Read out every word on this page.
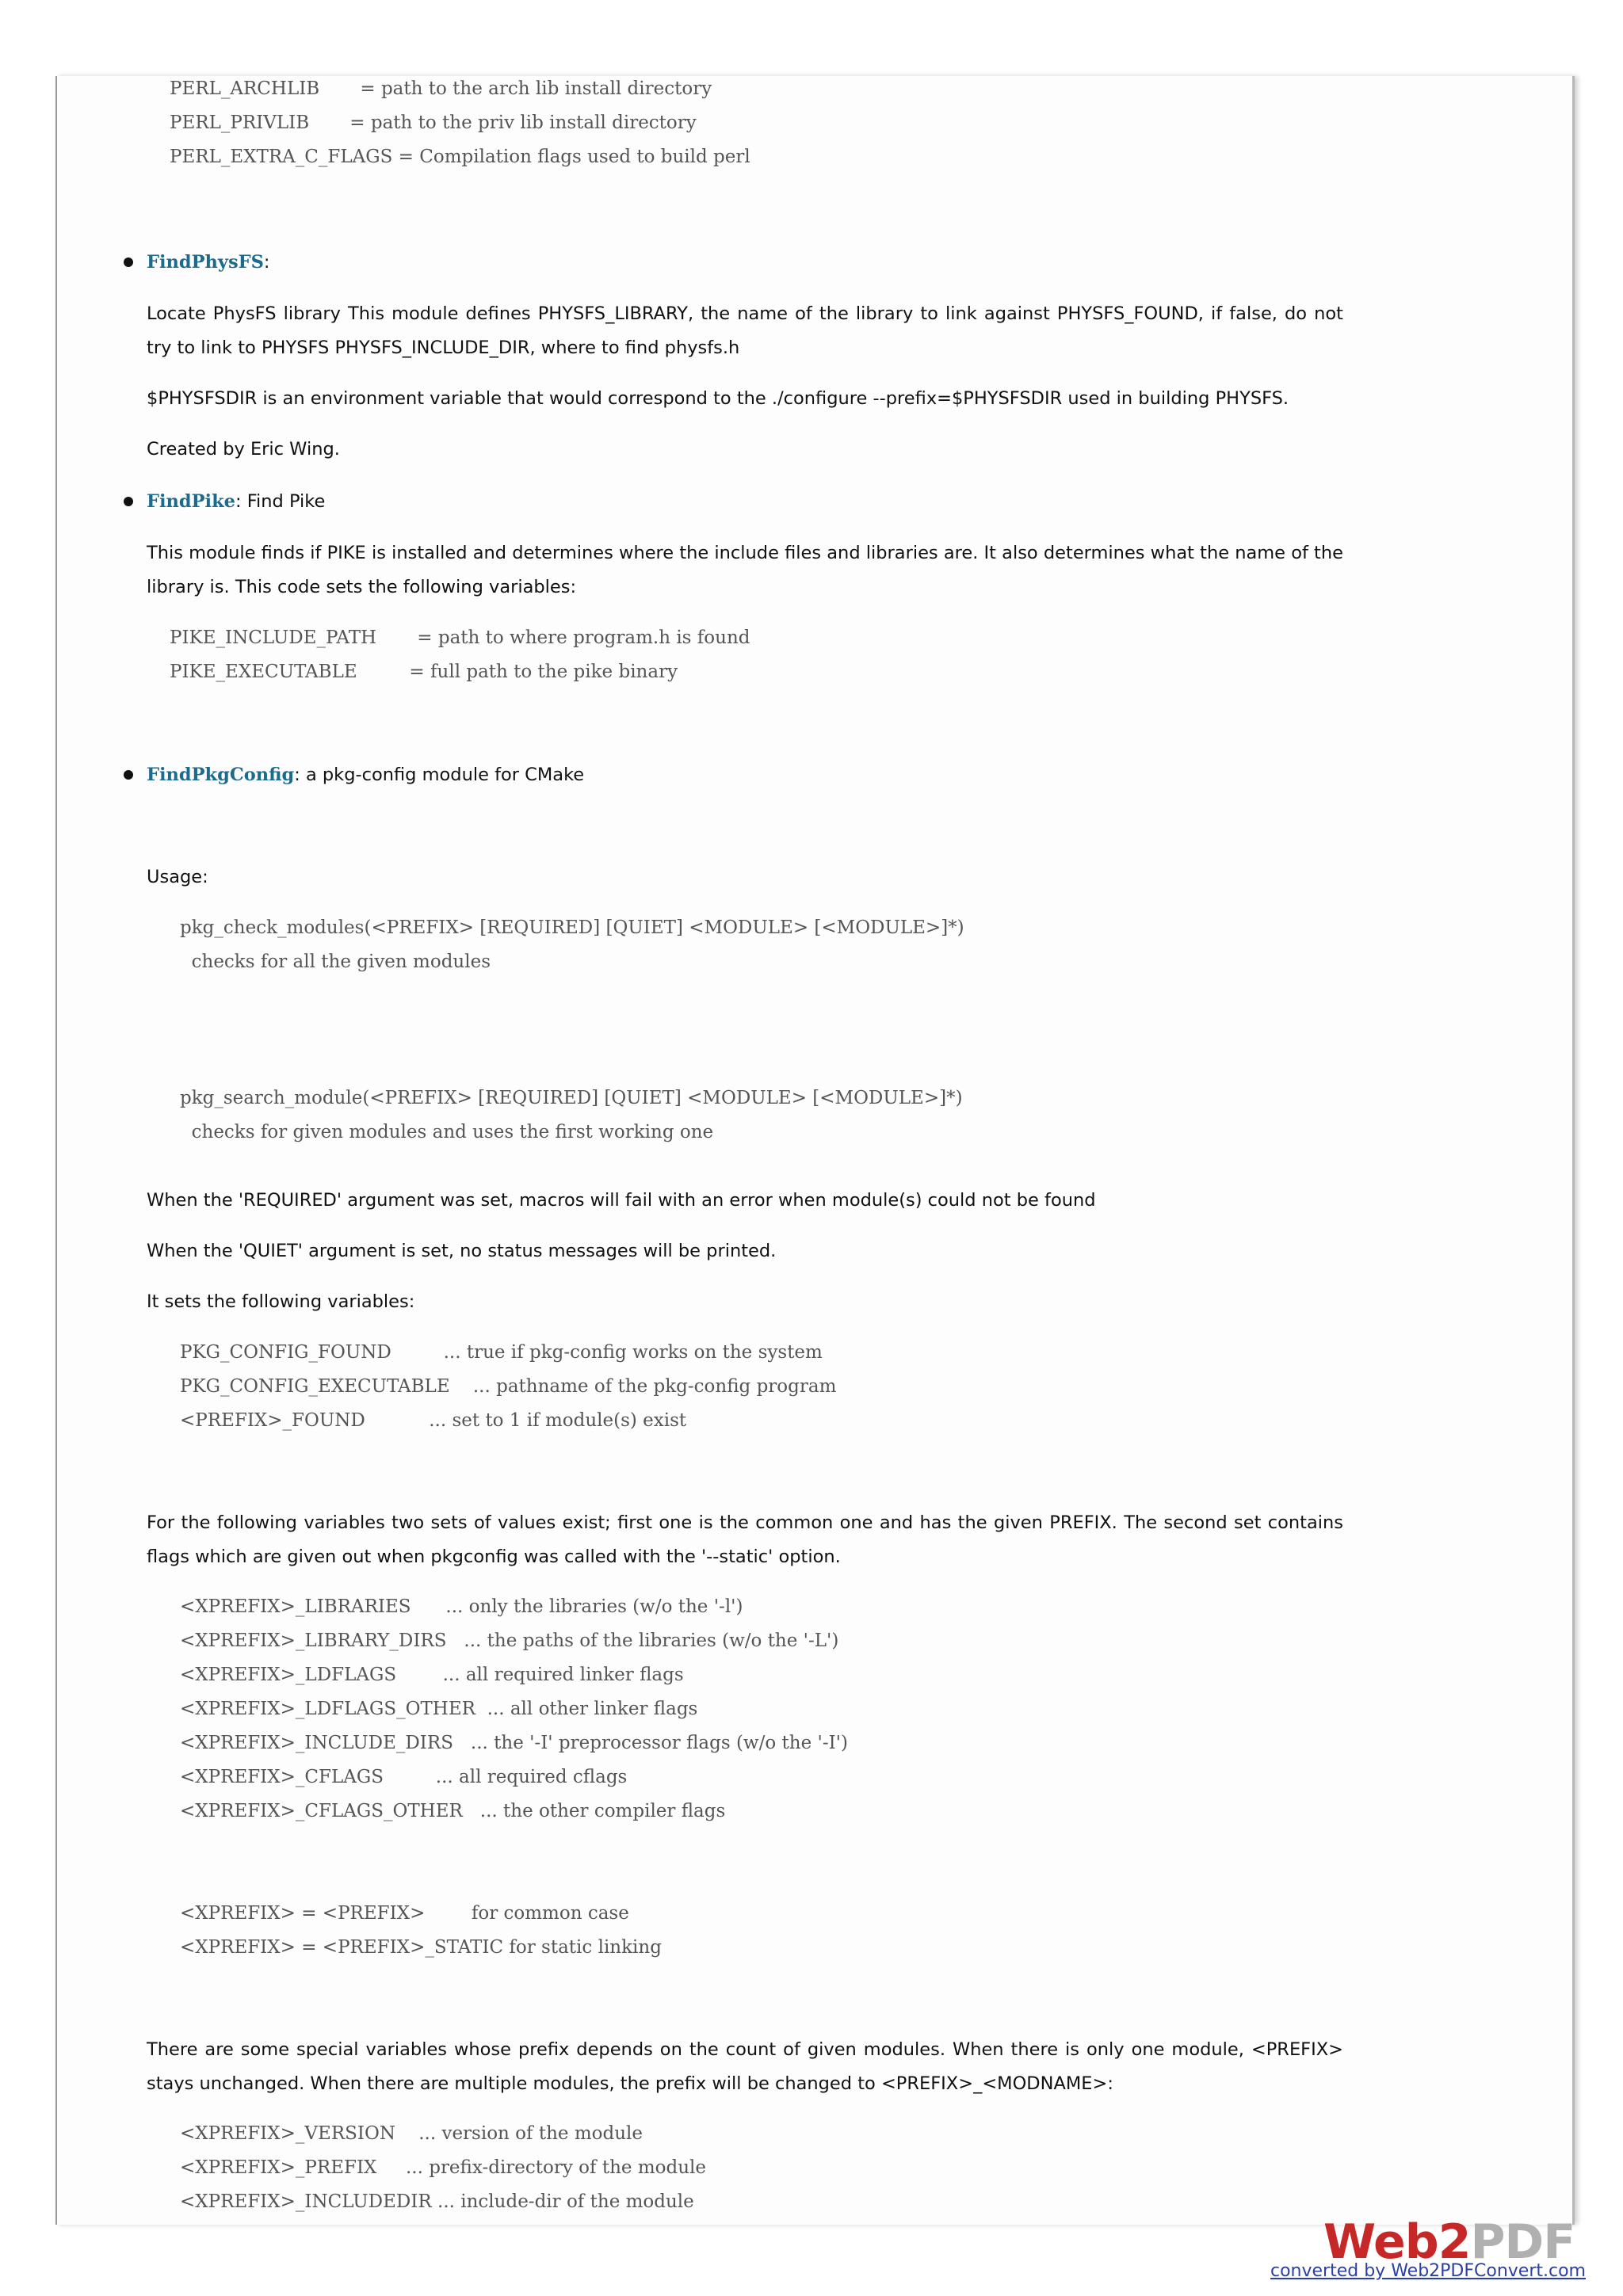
PERL_ARCHLIB       = path to the arch lib install directory
PERL_PRIVLIB       = path to the priv lib install directory
PERL_EXTRA_C_FLAGS = Compilation flags used to build perl

FindPhysFS:

Locate PhysFS library This module defines PHYSFS_LIBRARY, the name of the library to link against PHYSFS_FOUND, if false, do not try to link to PHYSFS PHYSFS_INCLUDE_DIR, where to find physfs.h

$PHYSFSDIR is an environment variable that would correspond to the ./configure --prefix=$PHYSFSDIR used in building PHYSFS.

Created by Eric Wing.

FindPike: Find Pike

This module finds if PIKE is installed and determines where the include files and libraries are. It also determines what the name of the library is. This code sets the following variables:

PIKE_INCLUDE_PATH       = path to where program.h is found
PIKE_EXECUTABLE         = full path to the pike binary

FindPkgConfig: a pkg-config module for CMake

Usage:

pkg_check_modules(<PREFIX> [REQUIRED] [QUIET] <MODULE> [<MODULE>]*)
checks for all the given modules

pkg_search_module(<PREFIX> [REQUIRED] [QUIET] <MODULE> [<MODULE>]*)
checks for given modules and uses the first working one

When the 'REQUIRED' argument was set, macros will fail with an error when module(s) could not be found

When the 'QUIET' argument is set, no status messages will be printed.

It sets the following variables:

PKG_CONFIG_FOUND         ... true if pkg-config works on the system
PKG_CONFIG_EXECUTABLE    ... pathname of the pkg-config program
<PREFIX>_FOUND           ... set to 1 if module(s) exist

For the following variables two sets of values exist; first one is the common one and has the given PREFIX. The second set contains flags which are given out when pkgconfig was called with the '--static' option.

<XPREFIX>_LIBRARIES      ... only the libraries (w/o the '-l')
<XPREFIX>_LIBRARY_DIRS   ... the paths of the libraries (w/o the '-L')
<XPREFIX>_LDFLAGS        ... all required linker flags
<XPREFIX>_LDFLAGS_OTHER  ... all other linker flags
<XPREFIX>_INCLUDE_DIRS   ... the '-I' preprocessor flags (w/o the '-I')
<XPREFIX>_CFLAGS         ... all required cflags
<XPREFIX>_CFLAGS_OTHER   ... the other compiler flags
<XPREFIX> = <PREFIX>        for common case
<XPREFIX> = <PREFIX>_STATIC for static linking

There are some special variables whose prefix depends on the count of given modules. When there is only one module, <PREFIX> stays unchanged. When there are multiple modules, the prefix will be changed to <PREFIX>_<MODNAME>:

<XPREFIX>_VERSION    ... version of the module
<XPREFIX>_PREFIX     ... prefix-directory of the module
<XPREFIX>_INCLUDEDIR ... include-dir of the module
Web2PDF
converted by Web2PDFConvert.com
